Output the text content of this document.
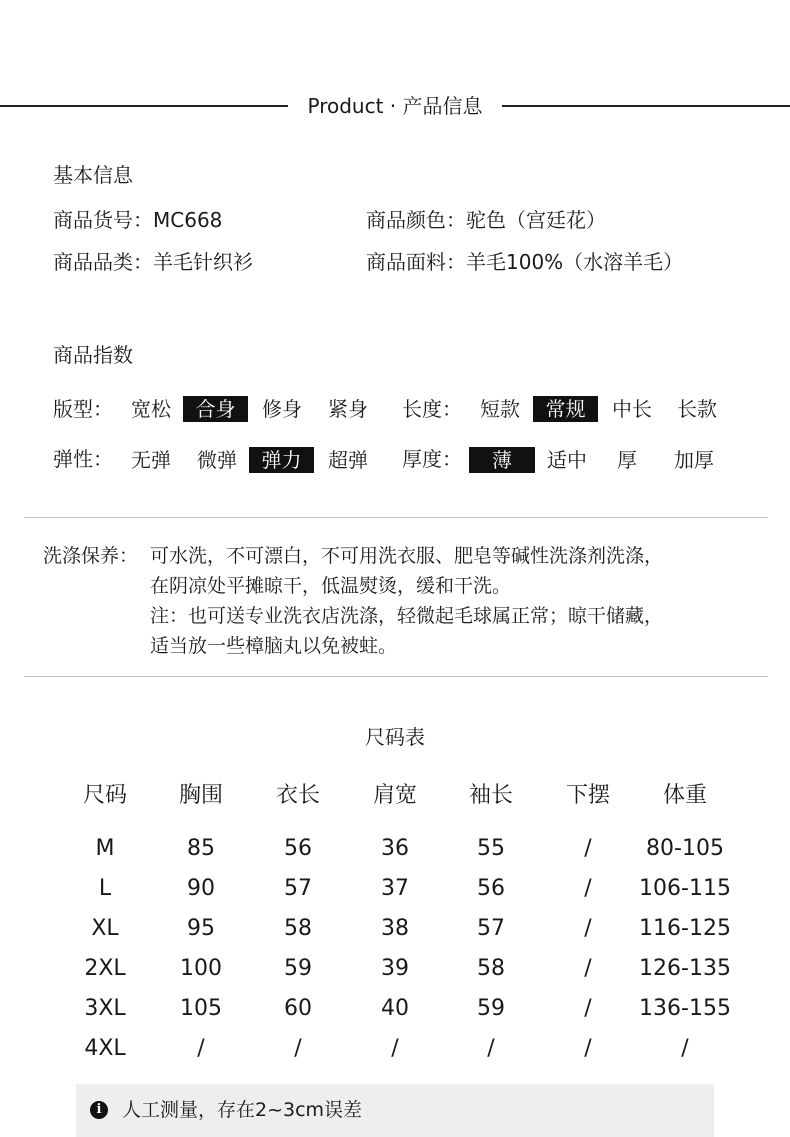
Product · 产品信息
基本信息
商品货号：MC668	商品颜色：驼色（宫廷花）
商品品类：羊毛针织衫	商品面料：羊毛100%（水溶羊毛）
商品指数
版型： 宽松	合身	修身	紧身	长度： 短款	常规	中长	长款
弹性： 无弹	微弹	弹力	超弹	厚度：	薄	适中	厚	加厚
洗涤保养： 可水洗，不可漂白，不可用洗衣服、肥皂等碱性洗涤剂洗涤，
在阴凉处平摊晾干，低温熨烫，缓和干洗。
注：也可送专业洗衣店洗涤，轻微起毛球属正常；晾干储藏，
适当放一些樟脑丸以免被蛀。
尺码表
尺码	胸围	衣长	肩宽	袖长	下摆	体重
M	85	56	36	55	/	80-105
L	90	57	37	56	/	106-115
XL	95	58	38	57	/	116-125
2XL	100	59	39	58	/	126-135
3XL	105	60	40	59	/	136-155
4XL	/	/	/	/	/	/
i	人工测量，存在2~3cm误差
